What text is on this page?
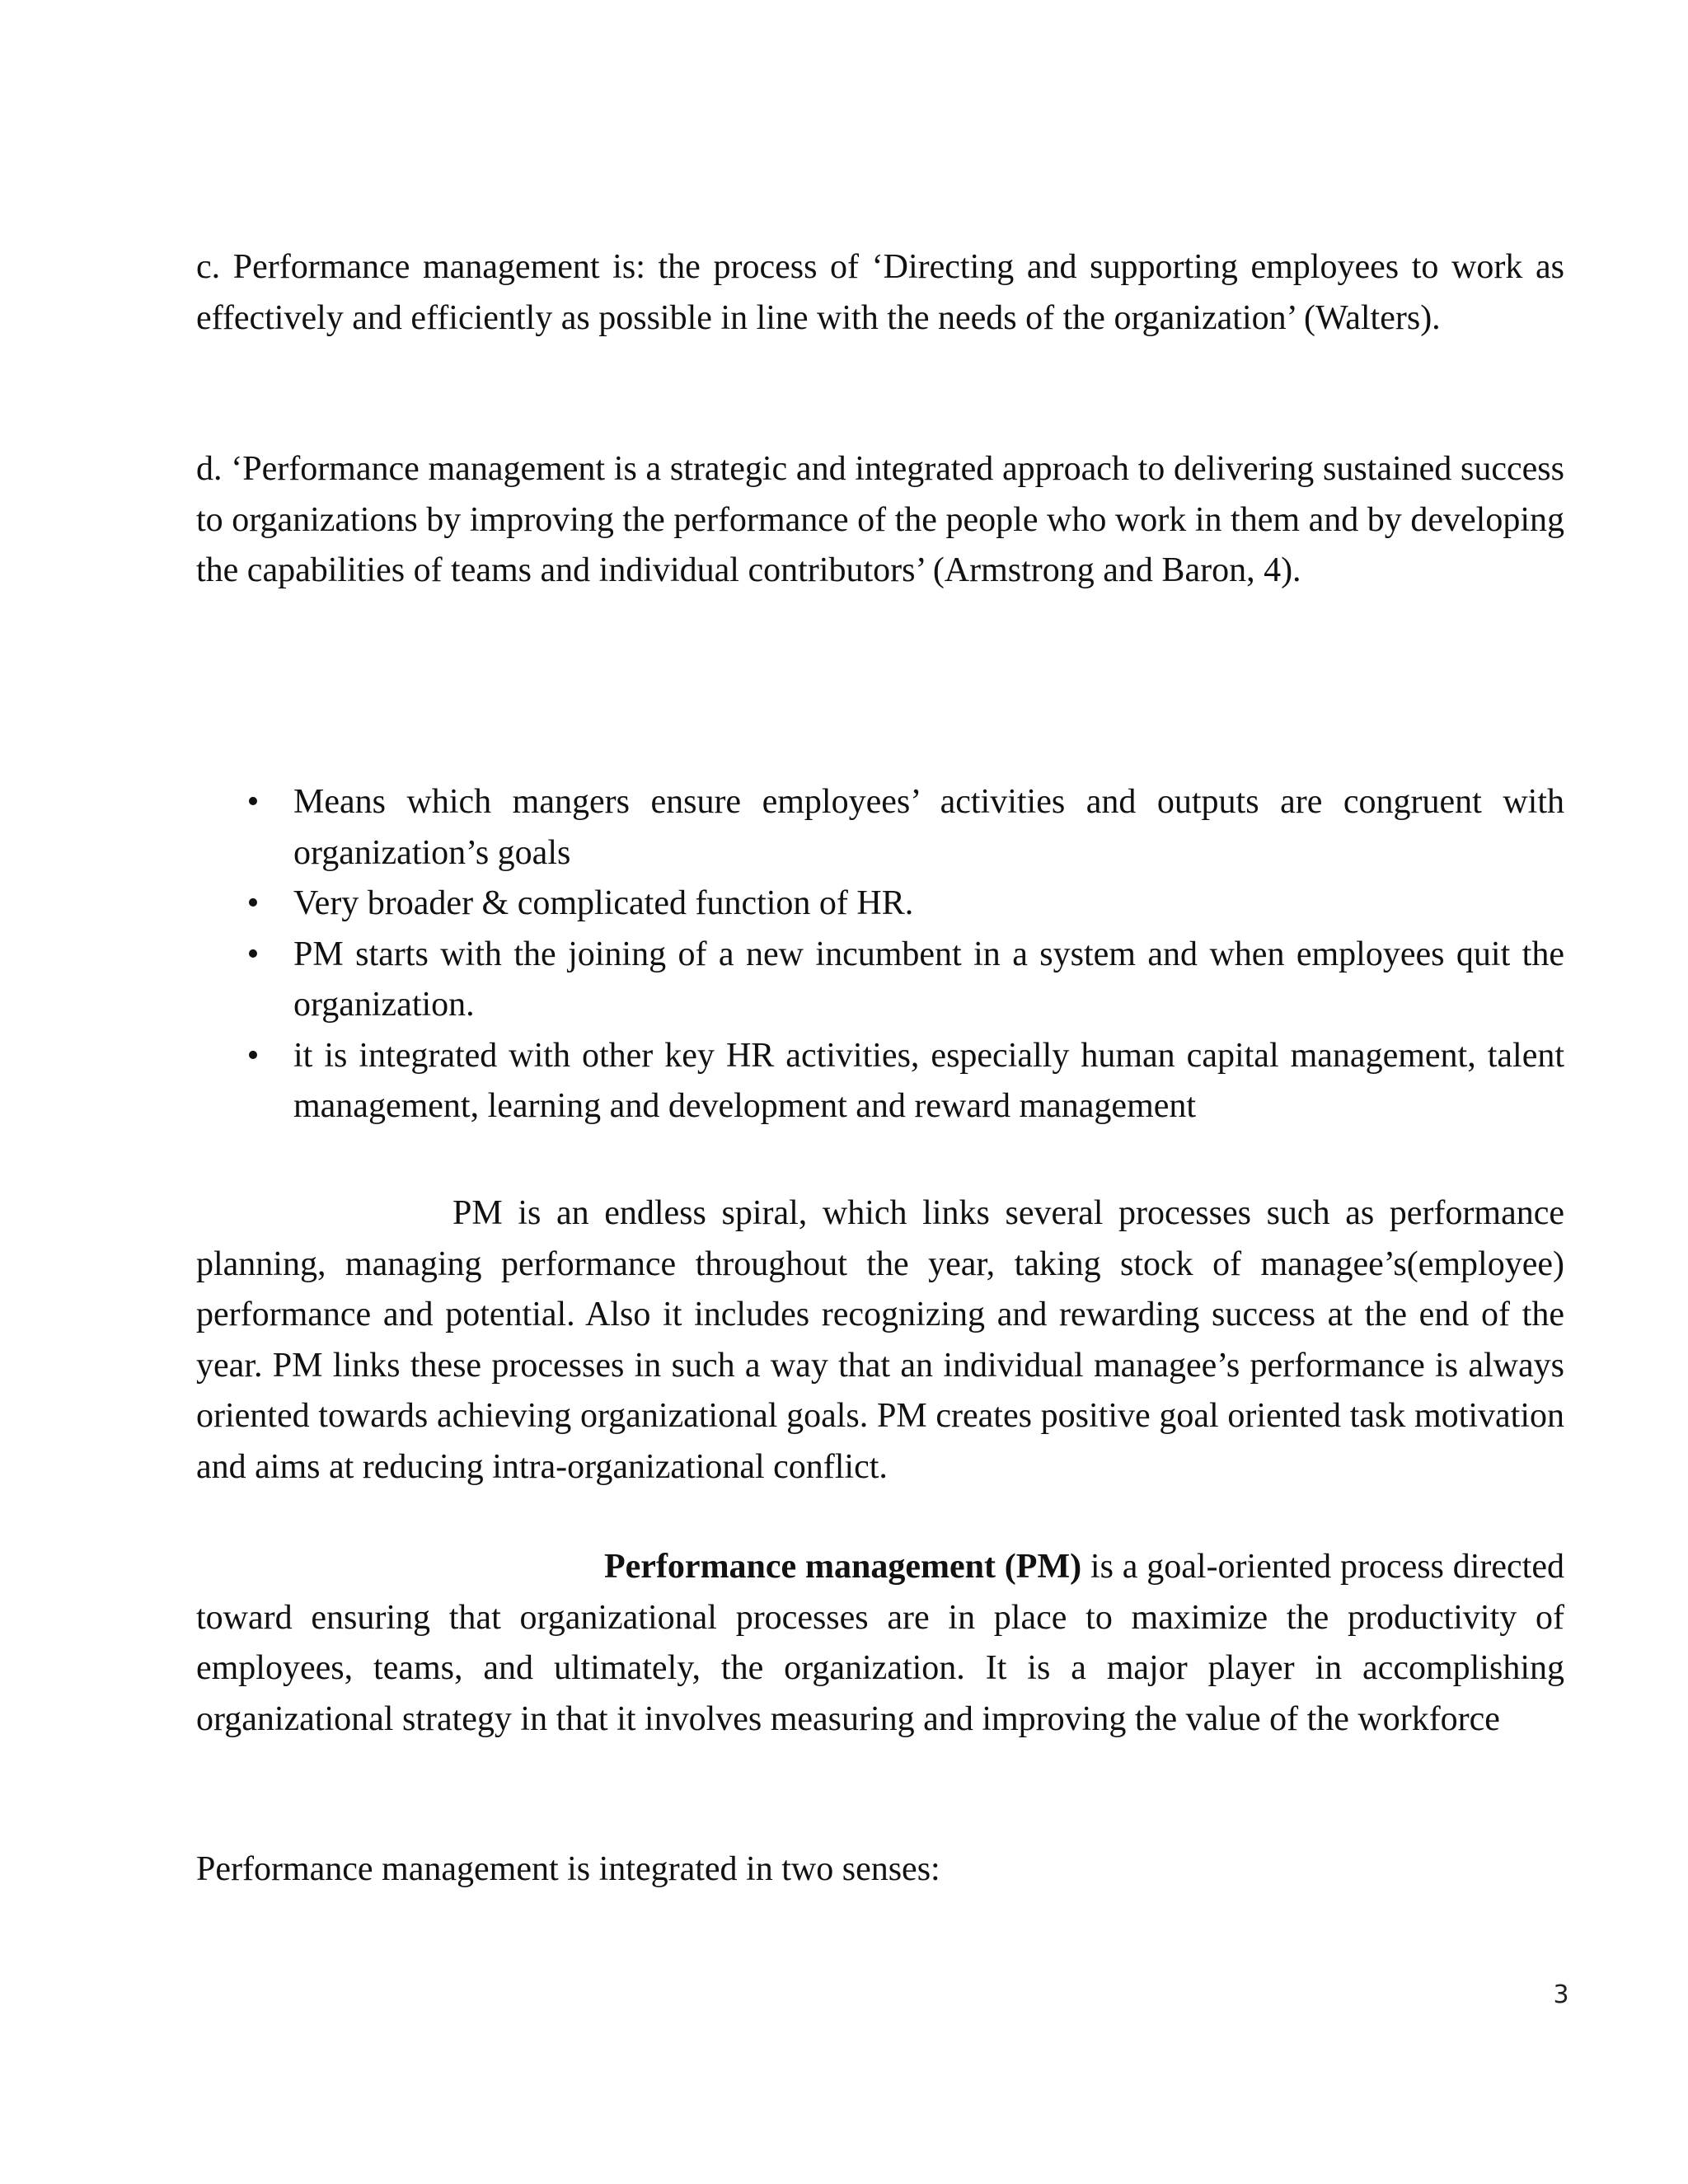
c. Performance management is: the process of ‘Directing and supporting employees to work as effectively and efficiently as possible in line with the needs of the organization’ (Walters).

d. ‘Performance management is a strategic and integrated approach to delivering sustained success to organizations by improving the performance of the people who work in them and by developing the capabilities of teams and individual contributors’ (Armstrong and Baron, 4).

• Means which mangers ensure employees’ activities and outputs are congruent with organization’s goals
• Very broader & complicated function of HR.
• PM starts with the joining of a new incumbent in a system and when employees quit the organization.
• it is integrated with other key HR activities, especially human capital management, talent management, learning and development and reward management

PM is an endless spiral, which links several processes such as performance planning, managing performance throughout the year, taking stock of managee’s(employee) performance and potential. Also it includes recognizing and rewarding success at the end of the year. PM links these processes in such a way that an individual managee’s performance is always oriented towards achieving organizational goals. PM creates positive goal oriented task motivation and aims at reducing intra-organizational conflict.

Performance management (PM) is a goal-oriented process directed toward ensuring that organizational processes are in place to maximize the productivity of employees, teams, and ultimately, the organization. It is a major player in accomplishing organizational strategy in that it involves measuring and improving the value of the workforce

Performance management is integrated in two senses:

3
